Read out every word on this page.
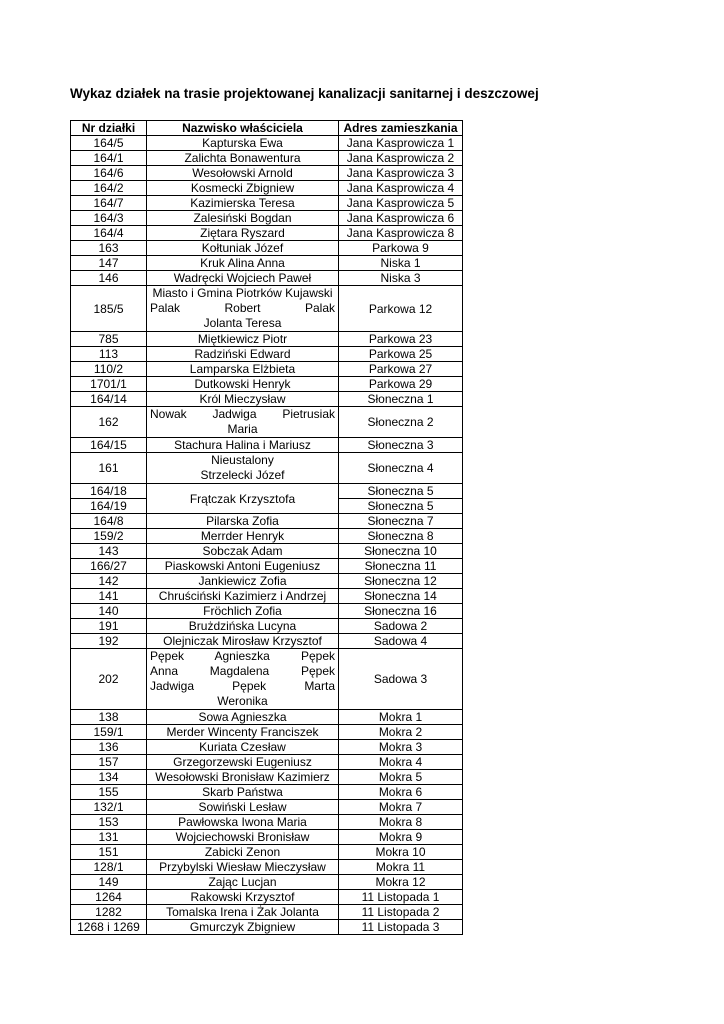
Wykaz działek na trasie projektowanej kanalizacji sanitarnej i deszczowej
Nr działki	Nazwisko właściciela	Adres zamieszkania
164/5	Kapturska Ewa	Jana Kasprowicza 1
164/1	Zalichta Bonawentura	Jana Kasprowicza 2
164/6	Wesołowski Arnold	Jana Kasprowicza 3
164/2	Kosmecki Zbigniew	Jana Kasprowicza 4
164/7	Kazimierska Teresa	Jana Kasprowicza 5
164/3	Zalesiński Bogdan	Jana Kasprowicza 6
164/4	Ziętara Ryszard	Jana Kasprowicza 8
163	Kołtuniak Józef	Parkowa 9
147	Kruk Alina Anna	Niska 1
146	Wadręcki Wojciech Paweł	Niska 3
185/5	Miasto i Gmina Piotrków Kujawski
Palak Robert Palak
Jolanta Teresa	Parkowa 12
785	Miętkiewicz Piotr	Parkowa 23
113	Radziński Edward	Parkowa 25
110/2	Lamparska Elżbieta	Parkowa 27
1701/1	Dutkowski Henryk	Parkowa 29
164/14	Król Mieczysław	Słoneczna 1
162	Nowak Jadwiga Pietrusiak
Maria	Słoneczna 2
164/15	Stachura Halina i Mariusz	Słoneczna 3
161	Nieustalony
Strzelecki Józef	Słoneczna 4
164/18	Frątczak Krzysztofa	Słoneczna 5
164/19		Słoneczna 5
164/8	Pilarska Zofia	Słoneczna 7
159/2	Merrder Henryk	Słoneczna 8
143	Sobczak Adam	Słoneczna 10
166/27	Piaskowski Antoni Eugeniusz	Słoneczna 11
142	Jankiewicz Zofia	Słoneczna 12
141	Chruściński Kazimierz i Andrzej	Słoneczna 14
140	Fröchlich Zofia	Słoneczna 16
191	Brużdzińska Lucyna	Sadowa 2
192	Olejniczak Mirosław Krzysztof	Sadowa 4
202	Pępek Agnieszka Pępek
Anna Magdalena Pępek
Jadwiga Pępek Marta
Weronika	Sadowa 3
138	Sowa Agnieszka	Mokra 1
159/1	Merder Wincenty Franciszek	Mokra 2
136	Kuriata Czesław	Mokra 3
157	Grzegorzewski Eugeniusz	Mokra 4
134	Wesołowski Bronisław Kazimierz	Mokra 5
155	Skarb Państwa	Mokra 6
132/1	Sowiński Lesław	Mokra 7
153	Pawłowska Iwona Maria	Mokra 8
131	Wojciechowski Bronisław	Mokra 9
151	Zabicki Zenon	Mokra 10
128/1	Przybylski Wiesław Mieczysław	Mokra 11
149	Zając Lucjan	Mokra 12
1264	Rakowski Krzysztof	11 Listopada 1
1282	Tomalska Irena i Żak Jolanta	11 Listopada 2
1268 i 1269	Gmurczyk Zbigniew	11 Listopada 3
